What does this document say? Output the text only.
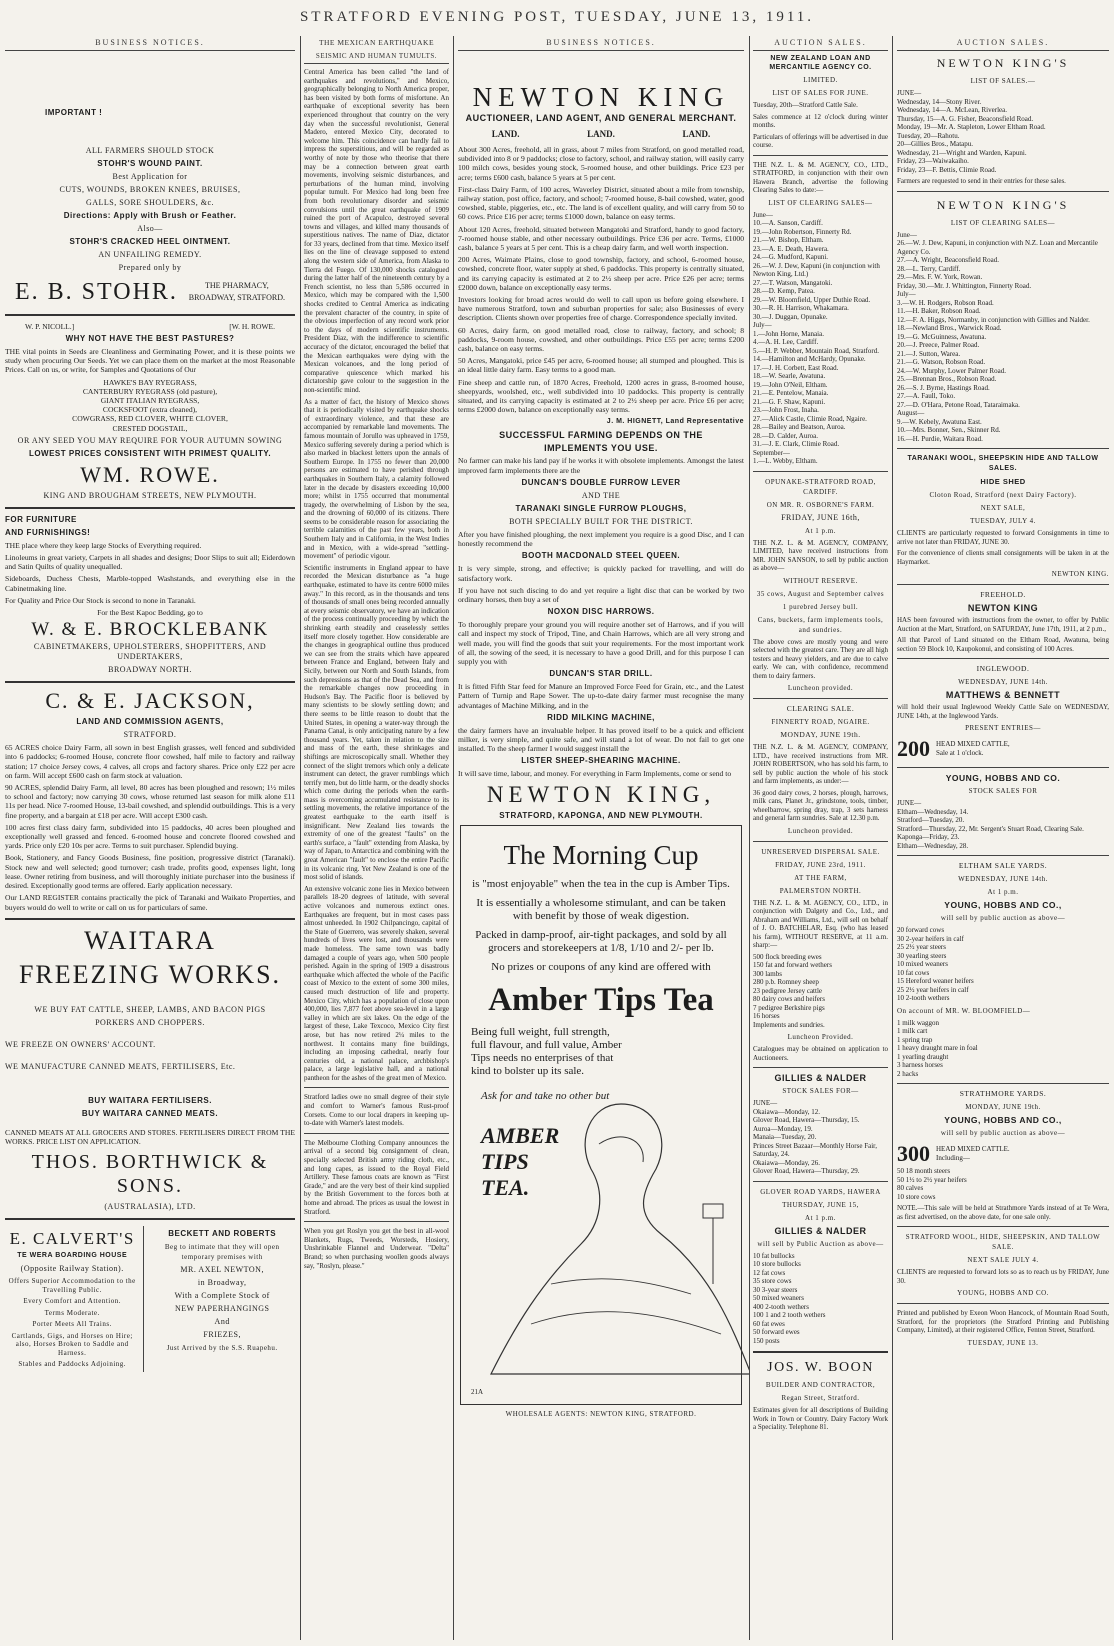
STRATFORD EVENING POST, TUESDAY, JUNE 13, 1911.
BUSINESS NOTICES.
IMPORTANT !
ALL FARMERS SHOULD STOCK
STOHR'S WOUND PAINT.
Best Application for
CUTS, WOUNDS, BROKEN KNEES, BRUISES,
GALLS, SORE SHOULDERS, &c.
Directions: Apply with Brush or Feather.
Also—
STOHR'S CRACKED HEEL OINTMENT.
AN UNFAILING REMEDY.
Prepared only by
E. B. STOHR.	THE PHARMACY,
BROADWAY, STRATFORD.
W. P. NICOLL.]	[W. H. ROWE.
WHY NOT HAVE THE BEST PASTURES?

THE vital points in Seeds are Cleanliness and Germinating Power, and it is these points we study when procuring Our Seeds. Yet we can place them on the market at the most Reasonable Prices. Call on us, or write, for Samples and Quotations of Our

HAWKE'S BAY RYEGRASS,
CANTERBURY RYEGRASS (old pasture),
GIANT ITALIAN RYEGRASS,
COCKSFOOT (extra cleaned),
COWGRASS, RED CLOVER, WHITE CLOVER,
CRESTED DOGSTAIL,
OR ANY SEED YOU MAY REQUIRE FOR YOUR AUTUMN SOWING
LOWEST PRICES CONSISTENT WITH PRIMEST QUALITY.
WM. ROWE.
KING AND BROUGHAM STREETS, NEW PLYMOUTH.
FOR FURNITURE
AND FURNISHINGS!

THE place where they keep large Stocks of Everything required.

Linoleums in great variety, Carpets in all shades and designs; Door Slips to suit all; Eiderdown and Satin Quilts of quality unequalled.

Sideboards, Duchess Chests, Marble-topped Washstands, and everything else in the Cabinetmaking line.

For Quality and Price Our Stock is second to none in Taranaki.

For the Best Kapoc Bedding, go to

W. & E. BROCKLEBANK
CABINETMAKERS, UPHOLSTERERS, SHOPFITTERS, AND UNDERTAKERS,
BROADWAY NORTH.
C. & E. JACKSON,
LAND AND COMMISSION AGENTS,
STRATFORD.

65 ACRES choice Dairy Farm, all sown in best English grasses, well fenced and subdivided into 6 paddocks; 6-roomed House, concrete floor cowshed, half mile to factory and railway station; 17 choice Jersey cows, 4 calves, all crops and factory shares. Price only £22 per acre on farm. Will accept £600 cash on farm stock at valuation.

90 ACRES, splendid Dairy Farm, all level, 80 acres has been ploughed and resown; 1½ miles to school and factory; now carrying 30 cows, whose returned last season for milk alone £11 11s per head. Nice 7-roomed House, 13-bail cowshed, and splendid outbuildings. This is a very fine property, and a bargain at £18 per acre. Will accept £300 cash.

100 acres first class dairy farm, subdivided into 15 paddocks, 40 acres been ploughed and exceptionally well grassed and fenced. 6-roomed house and concrete floored cowshed and yards. Price only £20 10s per acre. Terms to suit purchaser. Splendid buying.

Book, Stationery, and Fancy Goods Business, fine position, progressive district (Taranaki). Stock new and well selected; good turnover; cash trade, profits good, expenses light, long lease. Owner retiring from business, and will thoroughly initiate purchaser into the business if desired. Exceptionally good terms are offered. Early application necessary.

Our LAND REGISTER contains practically the pick of Taranaki and Waikato Properties, and buyers would do well to write or call on us for particulars of same.

WAITARA
FREEZING WORKS.
WE BUY FAT CATTLE, SHEEP, LAMBS, AND BACON PIGS
PORKERS AND CHOPPERS.
WE FREEZE ON OWNERS' ACCOUNT.
WE MANUFACTURE CANNED MEATS, FERTILISERS, Etc.
BUY WAITARA FERTILISERS.
BUY WAITARA CANNED MEATS.

CANNED MEATS AT ALL GROCERS AND STORES. FERTILISERS DIRECT FROM THE WORKS. PRICE LIST ON APPLICATION.

THOS. BORTHWICK & SONS.
(AUSTRALASIA), LTD.
E. CALVERT'S
TE WERA BOARDING HOUSE
(Opposite Railway Station).
Offers Superior Accommodation to the Travelling Public.
Every Comfort and Attention.
Terms Moderate.
Porter Meets All Trains.
Cartlands, Gigs, and Horses on Hire; also, Horses Broken to Saddle and Harness.
Stables and Paddocks Adjoining.
BECKETT AND ROBERTS
Beg to intimate that they will open temporary premises with
MR. AXEL NEWTON,
in Broadway,
With a Complete Stock of
NEW PAPERHANGINGS
And
FRIEZES,
Just Arrived by the S.S. Ruapehu.
THE MEXICAN EARTHQUAKE
SEISMIC AND HUMAN TUMULTS.

Central America has been called "the land of earthquakes and revolutions," and Mexico, geographically belonging to North America proper, has been visited by both forms of misfortune. An earthquake of exceptional severity has been experienced throughout that country on the very day when the successful revolutionist, General Madero, entered Mexico City, decorated to welcome him. This coincidence can hardly fail to impress the superstitious, and will be regarded as worthy of note by those who theorise that there may be a connection between great earth movements, involving seismic disturbances, and perturbations of the human mind, involving popular tumult. For Mexico had long been free from both revolutionary disorder and seismic convulsions until the great earthquake of 1909 ruined the port of Acapulco, destroyed several towns and villages, and killed many thousands of superstitious natives. The name of Diaz, dictator for 33 years, declined from that time. Mexico itself lies on the line of cleavage supposed to extend along the western side of America, from Alaska to Tierra del Fuego. Of 130,000 shocks catalogued during the latter half of the nineteenth century by a French scientist, no less than 5,586 occurred in Mexico, which may be compared with the 1,500 shocks credited to Central America as indicating the prevalent character of the country, in spite of the obvious imperfection of any record work prior to the days of modern scientific instruments. President Diaz, with the indifference to scientific accuracy of the dictator, encouraged the belief that the Mexican earthquakes were dying with the Mexican volcanoes, and the long period of comparative quiescence which marked his dictatorship gave colour to the suggestion in the non-scientific mind.

As a matter of fact, the history of Mexico shows that it is periodically visited by earthquake shocks of extraordinary violence, and that these are accompanied by remarkable land movements. The famous mountain of Jorullo was upheaved in 1759, Mexico suffering severely during a period which is also marked in blackest letters upon the annals of Southern Europe. In 1755 no fewer than 20,000 persons are estimated to have perished through earthquakes in Southern Italy, a calamity followed later in the decade by disasters exceeding 10,000 more; whilst in 1755 occurred that monumental tragedy, the overwhelming of Lisbon by the sea, and the drowning of 60,000 of its citizens. There seems to be considerable reason for associating the terrible calamities of the past few years, both in Southern Italy and in California, in the West Indies and in Mexico, with a wide-spread "settling-movement" of periodic vigour.

Scientific instruments in England appear to have recorded the Mexican disturbance as "a huge earthquake, estimated to have its centre 6000 miles away." In this record, as in the thousands and tens of thousands of small ones being recorded annually at every seismic observatory, we have an indication of the process continually proceeding by which the shrinking earth steadily and ceaselessly settles itself more closely together. How considerable are the changes in geographical outline thus produced we can see from the straits which have appeared between France and England, between Italy and Sicily, between our North and South Islands, from such depressions as that of the Dead Sea, and from the remarkable changes now proceeding in Hudson's Bay. The Pacific floor is believed by many scientists to be slowly settling down; and there seems to be little reason to doubt that the United States, in opening a water-way through the Panama Canal, is only anticipating nature by a few thousand years. Yet, taken in relation to the size and mass of the earth, these shrinkages and shiftings are microscopically small. Whether they connect of the slight tremors which only a delicate instrument can detect, the graver rumblings which terrify men, but do little harm, or the deadly shocks which come during the periods when the earth-mass is overcoming accumulated resistance to its settling movements, the relative importance of the greatest earthquake to the earth itself is insignificant. New Zealand lies towards the extremity of one of the greatest "faults" on the earth's surface, a "fault" extending from Alaska, by way of Japan, to Antarctica and combining with the great American "fault" to enclose the entire Pacific in its volcanic ring. Yet New Zealand is one of the most solid of islands.

An extensive volcanic zone lies in Mexico between parallels 18-20 degrees of latitude, with several active volcanoes and numerous extinct ones. Earthquakes are frequent, but in most cases pass almost unheeded. In 1902 Chilpancingo, capital of the State of Guerrero, was severely shaken, several hundreds of lives were lost, and thousands were made homeless. The same town was badly damaged a couple of years ago, when 500 people perished. Again in the spring of 1909 a disastrous earthquake which affected the whole of the Pacific coast of Mexico to the extent of some 300 miles, caused much destruction of life and property. Mexico City, which has a population of close upon 400,000, lies 7,877 feet above sea-level in a large valley in which are six lakes. On the edge of the largest of these, Lake Texcoco, Mexico City first arose, but has now retired 2¼ miles to the northwest. It contains many fine buildings, including an imposing cathedral, nearly four centuries old, a national palace, archbishop's palace, a large legislative hall, and a national pantheon for the ashes of the great men of Mexico.

Stratford ladies owe no small degree of their style and comfort to Warner's famous Rust-proof Corsets. Come to our local drapers in keeping up-to-date with Warner's latest models.

The Melbourne Clothing Company announces the arrival of a second big consignment of clean, specially selected British army riding cloth, etc., and long capes, as issued to the Royal Field Artillery. These famous coats are known as "First Grade," and are the very best of their kind supplied by the British Government to the forces both at home and abroad. The prices as usual the lowest in Stratford.

When you get Roslyn you get the best in all-wool Blankets, Rugs, Tweeds, Worsteds, Hosiery, Unshrinkable Flannel and Underwear. "Delta" Brand; so when purchasing woollen goods always say, "Roslyn, please."

BUSINESS NOTICES.
NEWTON KING
AUCTIONEER, LAND AGENT, AND GENERAL MERCHANT.
LAND.	LAND.	LAND.

About 300 Acres, freehold, all in grass, about 7 miles from Stratford, on good metalled road, subdivided into 8 or 9 paddocks; close to factory, school, and railway station, will easily carry 100 milch cows, besides young stock, 5-roomed house, and other buildings. Price £23 per acre; terms £600 cash, balance 5 years at 5 per cent.

First-class Dairy Farm, of 100 acres, Waverley District, situated about a mile from township, railway station, post office, factory, and school; 7-roomed house, 8-bail cowshed, water, good cowshed, stable, piggeries, etc., etc. The land is of excellent quality, and will carry from 50 to 60 cows. Price £16 per acre; terms £1000 down, balance on easy terms.

About 120 Acres, freehold, situated between Mangatoki and Stratford, handy to good factory, 7-roomed house stable, and other necessary outbuildings. Price £36 per acre. Terms, £1000 cash, balance 5 years at 5 per cent. This is a cheap dairy farm, and well worth inspection.

200 Acres, Waimate Plains, close to good township, factory, and school, 6-roomed house, cowshed, concrete floor, water supply at shed, 6 paddocks. This property is centrally situated, and its carrying capacity is estimated at 2 to 2½ sheep per acre. Price £26 per acre; terms £2000 down, balance on exceptionally easy terms.

Investors looking for broad acres would do well to call upon us before going elsewhere. I have numerous Stratford, town and suburban properties for sale; also Businesses of every description. Clients shown over properties free of charge. Correspondence specially invited.

60 Acres, dairy farm, on good metalled road, close to railway, factory, and school; 8 paddocks, 9-room house, cowshed, and other outbuildings. Price £55 per acre; terms £200 cash, balance on easy terms.

50 Acres, Mangatoki, price £45 per acre, 6-roomed house; all stumped and ploughed. This is an ideal little dairy farm. Easy terms to a good man.

Fine sheep and cattle run, of 1870 Acres, Freehold, 1200 acres in grass, 8-roomed house, sheepyards, woolshed, etc., well subdivided into 10 paddocks. This property is centrally situated, and its carrying capacity is estimated at 2 to 2½ sheep per acre. Price £6 per acre; terms £2000 down, balance on exceptionally easy terms.

J. M. HIGNETT, Land Representative
SUCCESSFUL FARMING DEPENDS ON THE
IMPLEMENTS YOU USE.

No farmer can make his land pay if he works it with obsolete implements. Amongst the latest improved farm implements there are the

DUNCAN'S DOUBLE FURROW LEVER
AND THE
TARANAKI SINGLE FURROW PLOUGHS,
BOTH SPECIALLY BUILT FOR THE DISTRICT.

After you have finished ploughing, the next implement you require is a good Disc, and I can honestly recommend the

BOOTH MACDONALD STEEL QUEEN.

It is very simple, strong, and effective; is quickly packed for travelling, and will do satisfactory work.

If you have not such discing to do and yet require a light disc that can be worked by two ordinary horses, then buy a set of

NOXON DISC HARROWS.

To thoroughly prepare your ground you will require another set of Harrows, and if you will call and inspect my stock of Tripod, Tine, and Chain Harrows, which are all very strong and well made, you will find the goods that suit your requirements. For the most important work of all, the sowing of the seed, it is necessary to have a good Drill, and for this purpose I can supply you with

DUNCAN'S STAR DRILL.

It is fitted Fifth Star feed for Manure an Improved Force Feed for Grain, etc., and the Latest Pattern of Turnip and Rape Sower. The up-to-date dairy farmer must recognise the many advantages of Machine Milking, and in the

RIDD MILKING MACHINE,

the dairy farmers have an invaluable helper. It has proved itself to be a quick and efficient milker, is very simple, and quite safe, and will stand a lot of wear. Do not fail to get one installed. To the sheep farmer I would suggest install the

LISTER SHEEP-SHEARING MACHINE.

It will save time, labour, and money. For everything in Farm Implements, come or send to

NEWTON KING,
STRATFORD, KAPONGA, AND NEW PLYMOUTH.
The Morning Cup
is "most enjoyable" when the tea in the cup is Amber Tips.
It is essentially a wholesome stimulant, and can be taken with benefit by those of weak digestion.
Packed in damp-proof, air-tight packages, and sold by all grocers and storekeepers at 1/8, 1/10 and 2/- per lb.
No prizes or coupons of any kind are offered with
Amber Tips Tea
Being full weight, full strength, full flavour, and full value, Amber Tips needs no enterprises of that kind to bolster up its sale.
Ask for and take no other but
AMBER
TIPS
TEA.
21A
WHOLESALE AGENTS: NEWTON KING, STRATFORD.
AUCTION SALES.
NEW ZEALAND LOAN AND MERCANTILE AGENCY CO.
LIMITED.
LIST OF SALES FOR JUNE.

Tuesday, 20th—Stratford Cattle Sale.

Sales commence at 12 o'clock during winter months.

Particulars of offerings will be advertised in due course.

THE N.Z. L. & M. AGENCY, CO., LTD., STRATFORD, in conjunction with their own Hawera Branch, advertise the following Clearing Sales to date:—

LIST OF CLEARING SALES—
June—
10.—A. Sanson, Cardiff.
19.—John Robertson, Finnerty Rd.
21.—W. Bishop, Eltham.
23.—A. E. Death, Hawera.
24.—G. Mudford, Kapuni.
26.—W. J. Dew, Kapuni (in conjunction with Newton King, Ltd.)
27.—T. Watson, Mangatoki.
28.—D. Kemp, Patea.
29.—W. Bloomfield, Upper Duthie Road.
30.—R. H. Harrison, Whakamara.
30.—J. Duggan, Opunake.
July—
1.—John Horne, Manaia.
4.—A. H. Lee, Cardiff.
5.—H. P. Webber, Mountain Road, Stratford.
14.—Hamilton and McHardy, Opunake.
17.—J. H. Corbett, East Road.
18.—W. Searle, Awatuna.
19.—John O'Neil, Eltham.
21.—E. Pentelow, Manaia.
21.—G. F. Shaw, Kapuni.
23.—John Frost, Inaha.
27.—Alick Castle, Climie Road, Ngaire.
28.—Bailey and Beatson, Auroa.
28.—D. Calder, Auroa.
31.—J. E. Clark, Climie Road.
September—
1.—L. Webby, Eltham.
OPUNAKE-STRATFORD ROAD, CARDIFF.
ON MR. R. OSBORNE'S FARM.
FRIDAY, JUNE 16th,
At 1 p.m.

THE N.Z. L. & M. AGENCY, COMPANY, LIMITED, have received instructions from MR. JOHN SANSON, to sell by public auction as above—

WITHOUT RESERVE.
35 cows, August and September calves
1 purebred Jersey bull.
Cans, buckets, farm implements tools, and sundries.

The above cows are mostly young and were selected with the greatest care. They are all high testers and heavy yielders, and are due to calve early. We can, with confidence, recommend them to dairy farmers.

Luncheon provided.
CLEARING SALE.
FINNERTY ROAD, NGAIRE.
MONDAY, JUNE 19th.

THE N.Z. L. & M. AGENCY, COMPANY, LTD., have received instructions from MR. JOHN ROBERTSON, who has sold his farm, to sell by public auction the whole of his stock and farm implements, as under:—

36 good dairy cows, 2 horses, plough, harrows, milk cans, Planet Jr., grindstone, tools, timber, wheelbarrow, spring dray, trap, 3 sets harness and general farm sundries. Sale at 12.30 p.m.

Luncheon provided.
UNRESERVED DISPERSAL SALE.
FRIDAY, JUNE 23rd, 1911.
AT THE FARM,
PALMERSTON NORTH.

THE N.Z. L. & M. AGENCY, CO., LTD., in conjunction with Dalgety and Co., Ltd., and Abraham and Williams, Ltd., will sell on behalf of J. O. BATCHELAR, Esq. (who has leased his farm), WITHOUT RESERVE, at 11 a.m. sharp:—

500 flock breeding ewes
150 fat and forward wethers
300 lambs
280 p.b. Romney sheep
23 pedigree Jersey cattle
80 dairy cows and heifers
7 pedigree Berkshire pigs
16 horses
Implements and sundries.
Luncheon Provided.

Catalogues may be obtained on application to Auctioneers.

GILLIES & NALDER
STOCK SALES FOR—
JUNE—
Okaiawa—Monday, 12.
Glover Road, Hawera—Thursday, 15.
Auroa—Monday, 19.
Manaia—Tuesday, 20.
Princes Street Bazaar—Monthly Horse Fair, Saturday, 24.
Okaiawa—Monday, 26.
Glover Road, Hawera—Thursday, 29.
GLOVER ROAD YARDS, HAWERA
THURSDAY, JUNE 15,
At 1 p.m.
GILLIES & NALDER
will sell by Public Auction as above—
10 fat bullocks
10 store bullocks
12 fat cows
35 store cows
30 3-year steers
50 mixed weaners
400 2-tooth wethers
100 1 and 2 tooth wethers
60 fat ewes
50 forward ewes
150 posts
JOS. W. BOON
BUILDER AND CONTRACTOR,
Regan Street, Stratford.

Estimates given for all descriptions of Building Work in Town or Country. Dairy Factory Work a Speciality. Telephone 81.

AUCTION SALES.
NEWTON KING'S
LIST OF SALES.—
JUNE—
Wednesday, 14—Stony River.
Wednesday, 14—A. McLean, Riverlea.
Thursday, 15—A. G. Fisher, Beaconsfield Road.
Monday, 19—Mr. A. Stapleton, Lower Eltham Road.
Tuesday, 20—Rahotu.
20—Gillies Bros., Matapu.
Wednesday, 21—Wright and Warden, Kapuni.
Friday, 23—Waiwakaiho.
Friday, 23—F. Bettis, Climie Road.

Farmers are requested to send in their entries for these sales.

NEWTON KING'S
LIST OF CLEARING SALES—
June—
26.—W. J. Dew, Kapuni, in conjunction with N.Z. Loan and Mercantile Agency Co.
27.—A. Wright, Beaconsfield Road.
28.—L. Terry, Cardiff.
29.—Mrs. F. W. York, Rowan.
Friday, 30.—Mr. J. Whittington, Finnerty Road.
July—
3.—W. H. Rodgers, Robson Road.
11.—H. Baker, Robson Road.
12.—F. A. Higgs, Normanby, in conjunction with Gillies and Nalder.
18.—Newland Bros., Warwick Road.
19.—G. McGuinness, Awatuna.
20.—J. Preece, Palmer Road.
21.—J. Sutton, Warea.
21.—G. Watson, Robson Road.
24.—W. Murphy, Lower Palmer Road.
25.—Brennan Bros., Robson Road.
26.—S. J. Byrne, Hastings Road.
27.—A. Faull, Toko.
27.—D. O'Hara, Petone Road, Tataraimaka.
August—
9.—W. Kebely, Awatuna East.
10.—Mrs. Bonner, Sen., Skinner Rd.
16.—H. Purdie, Waitara Road.
TARANAKI WOOL, SHEEPSKIN HIDE AND TALLOW SALES.
HIDE SHED
Cloton Road, Stratford (next Dairy Factory).
NEXT SALE,
TUESDAY, JULY 4.

CLIENTS are particularly requested to forward Consignments in time to arrive not later than FRIDAY, JUNE 30.

For the convenience of clients small consignments will be taken in at the Haymarket.

NEWTON KING.
FREEHOLD.
NEWTON KING

HAS been favoured with instructions from the owner, to offer by Public Auction at the Mart, Stratford, on SATURDAY, June 17th, 1911, at 2 p.m.,

All that Parcel of Land situated on the Eltham Road, Awatuna, being section 59 Block 10, Kaupokonui, and consisting of 100 Acres.

INGLEWOOD.
WEDNESDAY, JUNE 14th.
MATTHEWS & BENNETT

will hold their usual Inglewood Weekly Cattle Sale on WEDNESDAY, JUNE 14th, at the Inglewood Yards.

PRESENT ENTRIES—
200 HEAD MIXED CATTLE,
Sale at 1 o'clock.
YOUNG, HOBBS AND CO.
STOCK SALES FOR
JUNE—
Eltham—Wednesday, 14.
Stratford—Tuesday, 20.
Stratford—Thursday, 22, Mr. Sergent's Stuart Road, Clearing Sale.
Kaponga—Friday, 23.
Eltham—Wednesday, 28.
ELTHAM SALE YARDS.
WEDNESDAY, JUNE 14th.
At 1 p.m.
YOUNG, HOBBS AND CO.,
will sell by public auction as above—
20 forward cows
30 2-year heifers in calf
25 2½ year steers
30 yearling steers
10 mixed weaners
10 fat cows
15 Hereford weaner heifers
25 2½ year heifers in calf
10 2-tooth wethers
On account of MR. W. BLOOMFIELD—
1 milk waggon
1 milk cart
1 spring trap
1 heavy draught mare in foal
1 yearling draught
3 harness horses
2 hacks
STRATHMORE YARDS.
MONDAY, JUNE 19th.
YOUNG, HOBBS AND CO.,
will sell by public auction as above—
300 HEAD MIXED CATTLE.
Including—
50 18 month steers
50 1½ to 2½ year heifers
80 calves
10 store cows

NOTE.—This sale will be held at Strathmore Yards instead of at Te Wera, as first advertised, on the above date, for one sale only.

STRATFORD WOOL, HIDE, SHEEPSKIN, AND TALLOW SALE.
NEXT SALE JULY 4.

CLIENTS are requested to forward lots so as to reach us by FRIDAY, June 30.

YOUNG, HOBBS AND CO.

Printed and published by Exeon Woon Hancock, of Mountain Road South, Stratford, for the proprietors (the Stratford Printing and Publishing Company, Limited), at their registered Office, Fenton Street, Stratford.

TUESDAY, JUNE 13.
